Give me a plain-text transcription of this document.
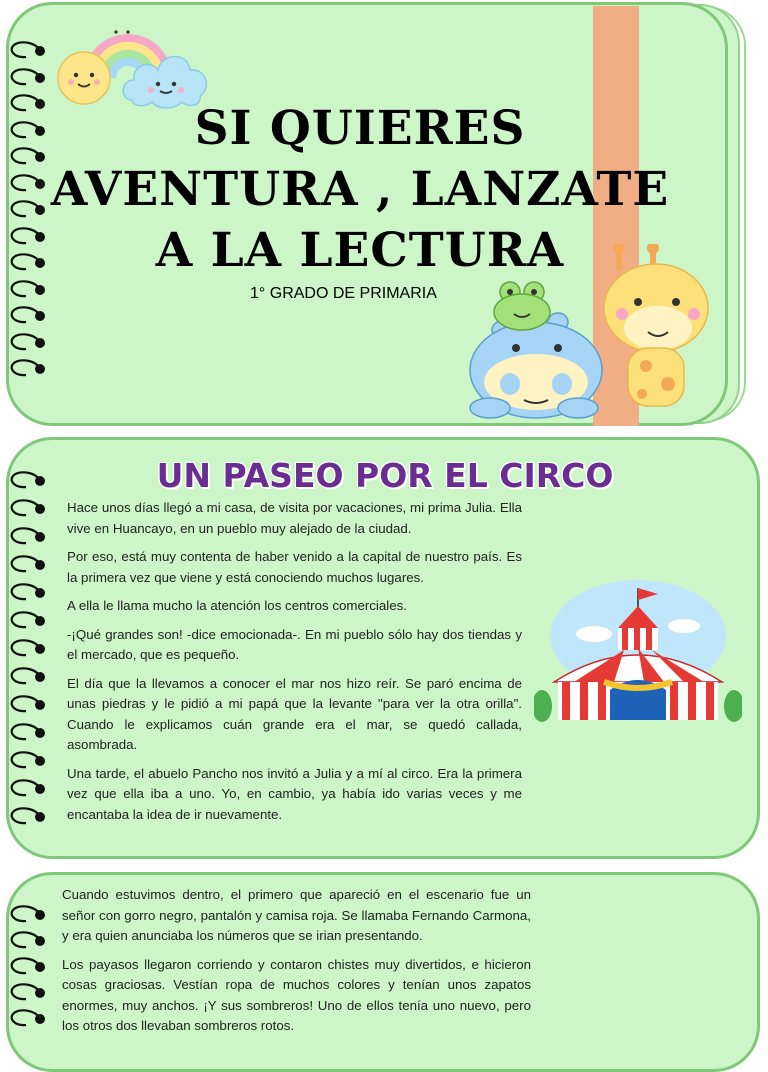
SI QUIERES
AVENTURA , LANZATE
A LA LECTURA
1° GRADO DE PRIMARIA
UN PASEO POR EL CIRCO

Hace unos días llegó a mi casa, de visita por vacaciones, mi prima Julia. Ella vive en Huancayo, en un pueblo muy alejado de la ciudad.

Por eso, está muy contenta de haber venido a la capital de nuestro país. Es la primera vez que viene y está conociendo muchos lugares.

A ella le llama mucho la atención los centros comerciales.

-¡Qué grandes son! -dice emocionada-. En mi pueblo sólo hay dos tiendas y el mercado, que es pequeño.

El día que la llevamos a conocer el mar nos hizo reír. Se paró encima de unas piedras y le pidió a mi papá que la levante "para ver la otra orilla". Cuando le explicamos cuán grande era el mar, se quedó callada, asombrada.

Una tarde, el abuelo Pancho nos invitó a Julia y a mí al circo. Era la primera vez que ella iba a uno. Yo, en cambio, ya había ido varias veces y me encantaba la idea de ir nuevamente.

Cuando estuvimos dentro, el primero que apareció en el escenario fue un señor con gorro negro, pantalón y camisa roja. Se llamaba Fernando Carmona, y era quien anunciaba los números que se irian presentando.

Los payasos llegaron corriendo y contaron chistes muy divertidos, e hicieron cosas graciosas. Vestían ropa de muchos colores y tenían unos zapatos enormes, muy anchos. ¡Y sus sombreros! Uno de ellos tenía uno nuevo, pero los otros dos llevaban sombreros rotos.
